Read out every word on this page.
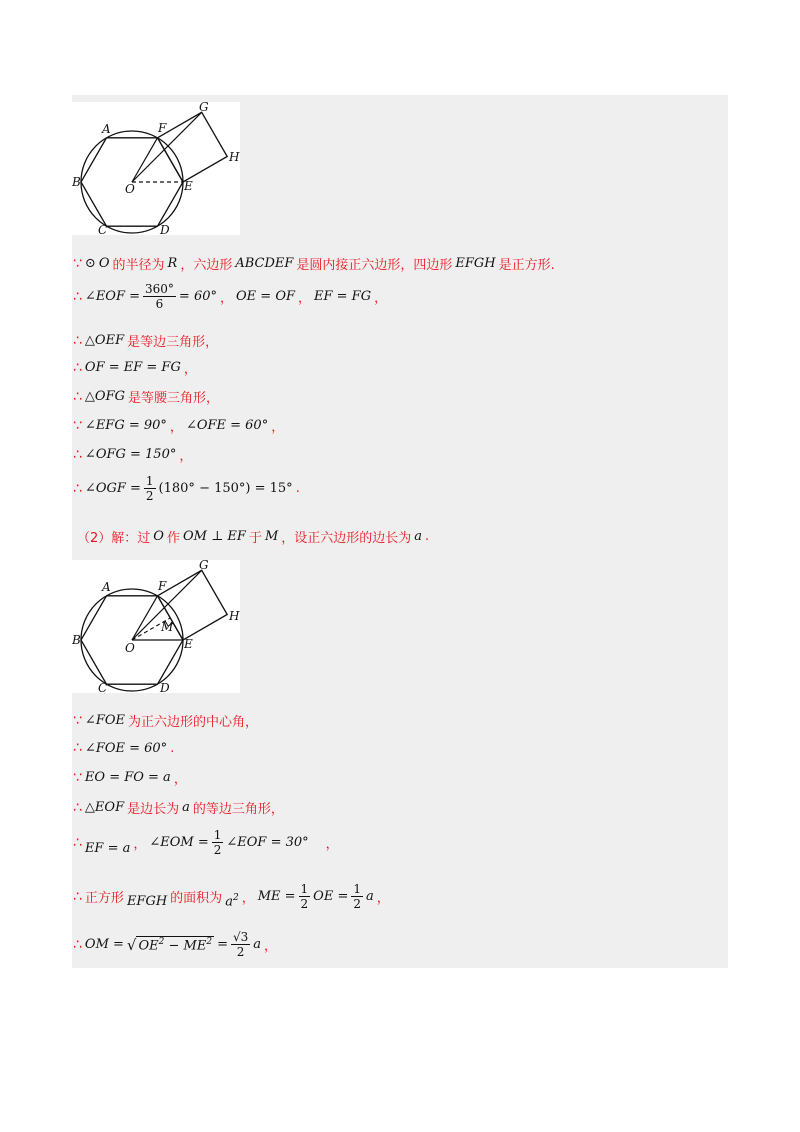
A	F
G
H
B	O	E
C	D
∵ ⊙ O 的半径为 R ，六边形 ABCDEF 是圆内接正六边形，四边形 EFGH 是正方形.
∴ ∠EOF = $\frac{360^\circ}{6} = 60^\circ$ ， OE = OF ， EF = FG ，
∴ △OEF 是等边三角形，
∴ OF = EF = FG ，
∴ △OFG 是等腰三角形，
∵ ∠EFG = 90° ， ∠OFE = 60° ，
∴ ∠OFG = 150° ，
∴ ∠OGF = $\frac{1}{2} (180^\circ - 150^\circ) = 15^\circ$ .
（2）解：过 O 作 OM ⊥ EF 于 M ，设正六边形的边长为 a .
A	F
G
H
M
B
O	E
C	D
∵ ∠FOE 为正六边形的中心角，
∴ ∠FOE = 60° .
∵ EO = FO = a ，
∴ △EOF 是边长为 a 的等边三角形，
∴ EF = a ， ∠EOM = $\frac{1}{2}$ ∠EOF = 30° ，
∴ 正方形 EFGH 的面积为 $a^2$ ， ME = $\frac{1}{2}$ OE = $\frac{1}{2}$ a ，
∴ OM = √ $OE^2 - ME^2 = \frac{√3}{2}$ a ，
